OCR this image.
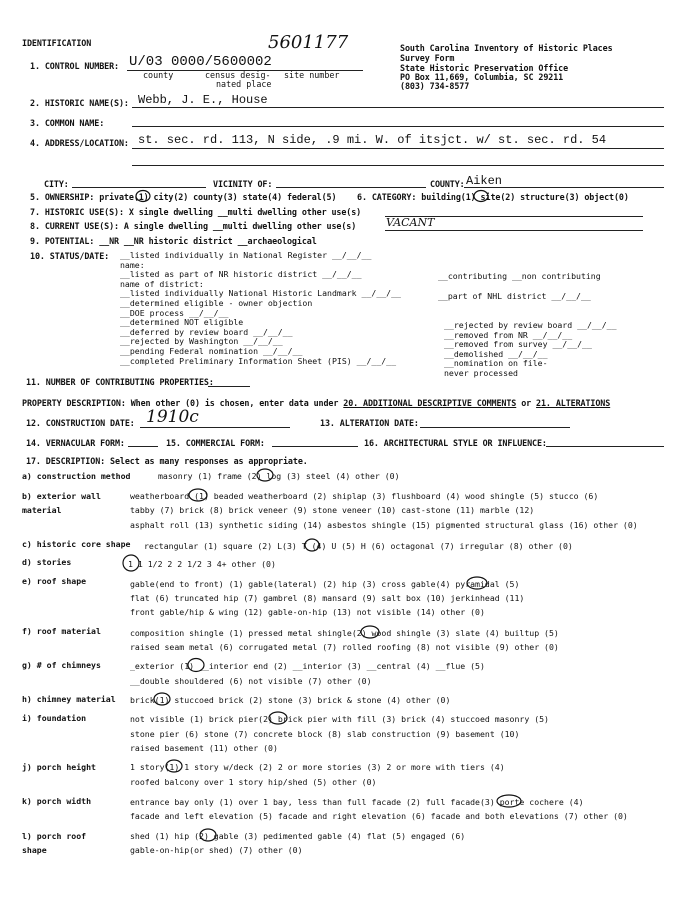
IDENTIFICATION	5601177	South Carolina Inventory of Historic Places
Survey Form
State Historic Preservation Office
PO Box 11,669, Columbia, SC 29211
(803) 734-8577
1. CONTROL NUMBER: U/03 0000/5600002
county	census desig-
nated place
site number
2. HISTORIC NAME(S): Webb, J. E., House
3. COMMON NAME:
4. ADDRESS/LOCATION: st. sec. rd. 113, N side, .9 mi. W. of itsjct. w/ st. sec. rd. 54
CITY:	VICINITY OF:	COUNTY: Aiken
5. OWNERSHIP: private(1) city(2) county(3) state(4) federal(5) 6. CATEGORY: building(1) site(2) structure(3) object(0)
7. HISTORIC USE(S): X single dwelling __multi dwelling other use(s)
8. CURRENT USE(S): A single dwelling __multi dwelling other use(s)	VACANT
9. POTENTIAL: __NR __NR historic district __archaeological
10. STATUS/DATE: __listed individually in National Register __/__/__
name:
__listed as part of NR historic district __/__/__
name of district:
__listed individually National Historic Landmark __/__/__
__determined eligible - owner objection
__DOE process __/__/__
__determined NOT eligible
__deferred by review board __/__/__
__rejected by Washington __/__/__
__pending Federal nomination __/__/__
__completed Preliminary Information Sheet (PIS) __/__/__
__contributing __non contributing
__part of NHL district __/__/__
__rejected by review board __/__/__
__removed from NR __/__/__
__removed from survey __/__/__
__demolished __/__/__
__nomination on file-
never processed
11. NUMBER OF CONTRIBUTING PROPERTIES:
PROPERTY DESCRIPTION: When other (0) is chosen, enter data under 20. ADDITIONAL DESCRIPTIVE COMMENTS or 21. ALTERATIONS
12. CONSTRUCTION DATE: 1910c	13. ALTERATION DATE:
14. VERNACULAR FORM:	15. COMMERCIAL FORM:	16. ARCHITECTURAL STYLE OR INFLUENCE:
17. DESCRIPTION: Select as many responses as appropriate.
a) construction method	masonry (1) frame (2) log (3) steel (4) other (0)
b) exterior wall material
weatherboard (1) beaded weatherboard (2) shiplap (3) flushboard (4) wood shingle (5) stucco (6)
tabby (7) brick (8) brick veneer (9) stone veneer (10) cast-stone (11) marble (12)
asphalt roll (13) synthetic siding (14) asbestos shingle (15) pigmented structural glass (16) other (0)
c) historic core shape rectangular (1) square (2) L(3) T (4) U (5) H (6) octagonal (7) irregular (8) other (0)
d) stories	1 1 1/2 2 2 1/2 3 4+ other (0)
e) roof shape	gable(end to front) (1) gable(lateral) (2) hip (3) cross gable(4) pyramidal (5)
flat (6) truncated hip (7) gambrel (8) mansard (9) salt box (10) jerkinhead (11)
front gable/hip & wing (12) gable-on-hip (13) not visible (14) other (0)
f) roof material	composition shingle (1) pressed metal shingle(2) wood shingle (3) slate (4) builtup (5)
raised seam metal (6) corrugated metal (7) rolled roofing (8) not visible (9) other (0)
g) # of chimneys	_exterior (1) __interior end (2) __interior (3) __central (4) __flue (5)
__double shouldered (6) not visible (7) other (0)
h) chimney material brick(1) stuccoed brick (2) stone (3) brick & stone (4) other (0)
i) foundation	not visible (1) brick pier(2) brick pier with fill (3) brick (4) stuccoed masonry (5)
stone pier (6) stone (7) concrete block (8) slab construction (9) basement (10)
raised basement (11) other (0)
j) porch height	1 story(1) 1 story w/deck (2) 2 or more stories (3) 2 or more with tiers (4)
roofed balcony over 1 story hip/shed (5) other (0)
k) porch width	entrance bay only (1) over 1 bay, less than full facade (2) full facade(3) porte cochere (4)
facade and left elevation (5) facade and right elevation (6) facade and both elevations (7) other (0)
l) porch roof shape
shed (1) hip (2) gable (3) pedimented gable (4) flat (5) engaged (6)
gable-on-hip(or shed) (7) other (0)
